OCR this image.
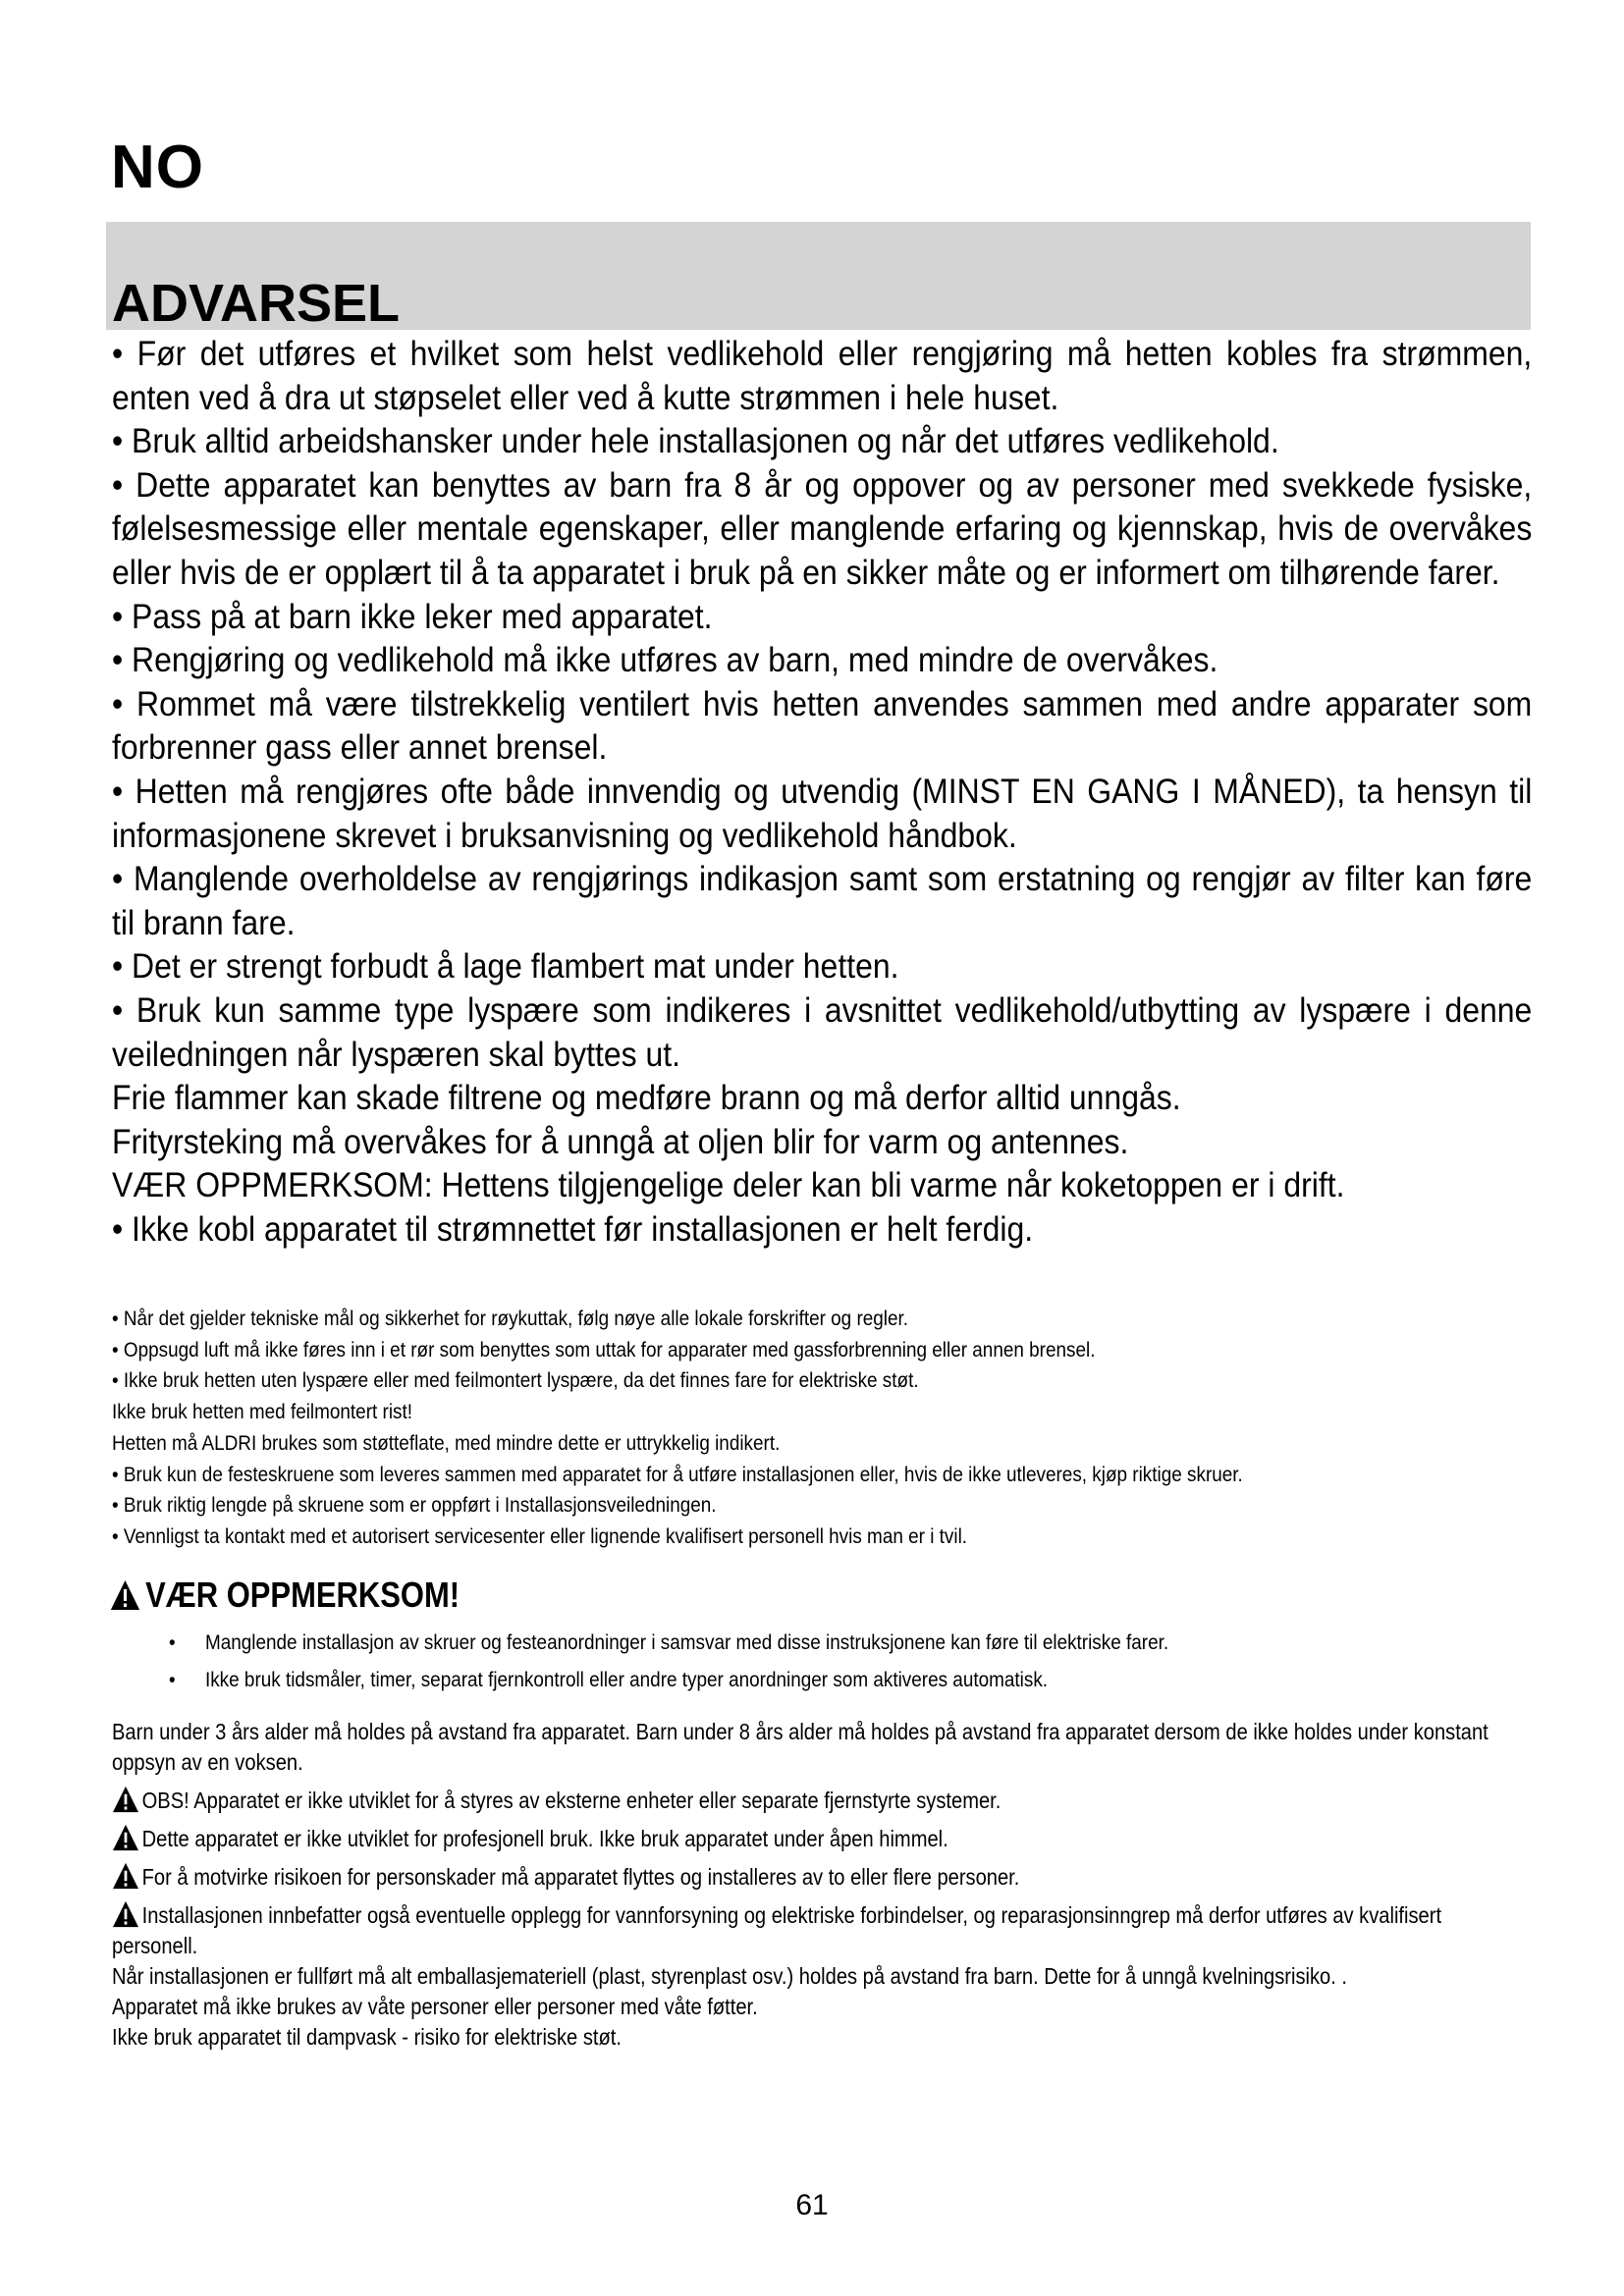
NO
ADVARSEL

• Før det utføres et hvilket som helst vedlikehold eller rengjøring må hetten kobles fra strømmen, enten ved å dra ut støpselet eller ved å kutte strømmen i hele huset.

• Bruk alltid arbeidshansker under hele installasjonen og når det utføres vedlikehold.

• Dette apparatet kan benyttes av barn fra 8 år og oppover og av personer med svekkede fysiske, følelsesmessige eller mentale egenskaper, eller manglende erfaring og kjennskap, hvis de overvåkes eller hvis de er opplært til å ta apparatet i bruk på en sikker måte og er informert om tilhørende farer.

• Pass på at barn ikke leker med apparatet.

• Rengjøring og vedlikehold må ikke utføres av barn, med mindre de overvåkes.

• Rommet må være tilstrekkelig ventilert hvis hetten anvendes sammen med andre apparater som forbrenner gass eller annet brensel.

• Hetten må rengjøres ofte både innvendig og utvendig (MINST EN GANG I MÅNED), ta hensyn til informasjonene skrevet i bruksanvisning og vedlikehold håndbok.

• Manglende overholdelse av rengjørings indikasjon samt som erstatning og rengjør av filter kan føre til brann fare.

• Det er strengt forbudt å lage flambert mat under hetten.

• Bruk kun samme type lyspære som indikeres i avsnittet vedlikehold/utbytting av lyspære i denne veiledningen når lyspæren skal byttes ut.

Frie flammer kan skade filtrene og medføre brann og må derfor alltid unngås.

Frityrsteking må overvåkes for å unngå at oljen blir for varm og antennes.

VÆR OPPMERKSOM: Hettens tilgjengelige deler kan bli varme når koketoppen er i drift.

• Ikke kobl apparatet til strømnettet før installasjonen er helt ferdig.

• Når det gjelder tekniske mål og sikkerhet for røykuttak, følg nøye alle lokale forskrifter og regler.

• Oppsugd luft må ikke føres inn i et rør som benyttes som uttak for apparater med gassforbrenning eller annen brensel.

• Ikke bruk hetten uten lyspære eller med feilmontert lyspære, da det finnes fare for elektriske støt.

Ikke bruk hetten med feilmontert rist!

Hetten må ALDRI brukes som støtteflate, med mindre dette er uttrykkelig indikert.

• Bruk kun de festeskruene som leveres sammen med apparatet for å utføre installasjonen eller, hvis de ikke utleveres, kjøp riktige skruer.

• Bruk riktig lengde på skruene som er oppført i Installasjonsveiledningen.

• Vennligst ta kontakt med et autorisert servicesenter eller lignende kvalifisert personell hvis man er i tvil.

VÆR OPPMERKSOM!
•	Manglende installasjon av skruer og festeanordninger i samsvar med disse instruksjonene kan føre til elektriske farer.
•	Ikke bruk tidsmåler, timer, separat fjernkontroll eller andre typer anordninger som aktiveres automatisk.

Barn under 3 års alder må holdes på avstand fra apparatet. Barn under 8 års alder må holdes på avstand fra apparatet dersom de ikke holdes under konstant oppsyn av en voksen.

OBS! Apparatet er ikke utviklet for å styres av eksterne enheter eller separate fjernstyrte systemer.

Dette apparatet er ikke utviklet for profesjonell bruk. Ikke bruk apparatet under åpen himmel.

For å motvirke risikoen for personskader må apparatet flyttes og installeres av to eller flere personer.

Installasjonen innbefatter også eventuelle opplegg for vannforsyning og elektriske forbindelser, og reparasjonsinngrep må derfor utføres av kvalifisert personell.

Når installasjonen er fullført må alt emballasjemateriell (plast, styrenplast osv.) holdes på avstand fra barn. Dette for å unngå kvelningsrisiko. .

Apparatet må ikke brukes av våte personer eller personer med våte føtter.

Ikke bruk apparatet til dampvask - risiko for elektriske støt.

61
